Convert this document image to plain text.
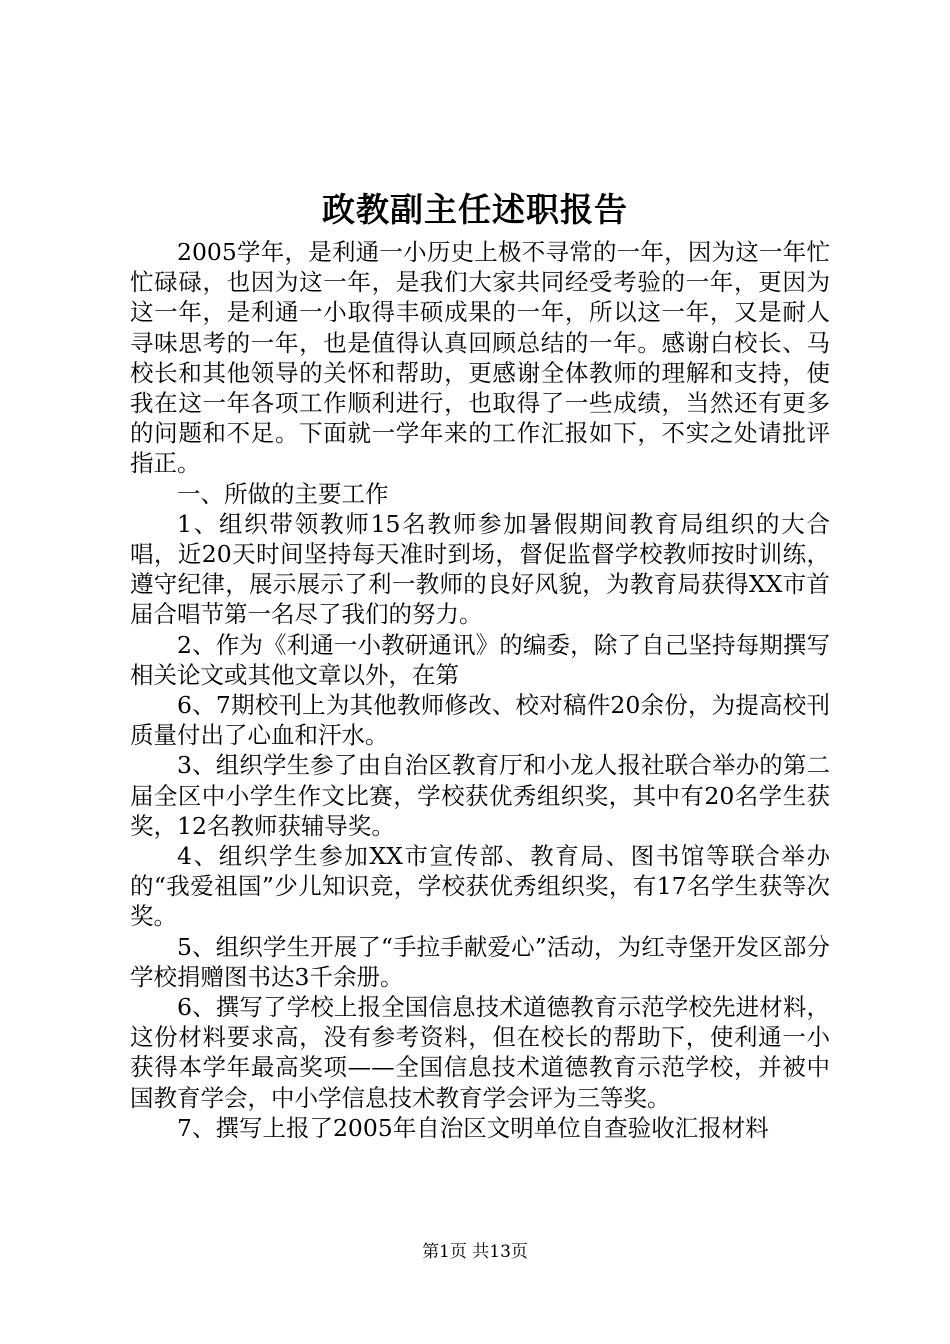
政教副主任述职报告

2005学年，是利通一小历史上极不寻常的一年，因为这一年忙忙碌碌，也因为这一年，是我们大家共同经受考验的一年，更因为这一年，是利通一小取得丰硕成果的一年，所以这一年，又是耐人寻味思考的一年，也是值得认真回顾总结的一年。感谢白校长、马校长和其他领导的关怀和帮助，更感谢全体教师的理解和支持，使我在这一年各项工作顺利进行，也取得了一些成绩，当然还有更多的问题和不足。下面就一学年来的工作汇报如下，不实之处请批评指正。

一、所做的主要工作

1、组织带领教师15名教师参加暑假期间教育局组织的大合唱，近20天时间坚持每天准时到场，督促监督学校教师按时训练，遵守纪律，展示展示了利一教师的良好风貌，为教育局获得XX市首届合唱节第一名尽了我们的努力。

2、作为《利通一小教研通讯》的编委，除了自己坚持每期撰写相关论文或其他文章以外，在第

6、7期校刊上为其他教师修改、校对稿件20余份，为提高校刊质量付出了心血和汗水。

3、组织学生参了由自治区教育厅和小龙人报社联合举办的第二届全区中小学生作文比赛，学校获优秀组织奖，其中有20名学生获奖，12名教师获辅导奖。

4、组织学生参加XX市宣传部、教育局、图书馆等联合举办的“我爱祖国”少儿知识竞，学校获优秀组织奖，有17名学生获等次奖。

5、组织学生开展了“手拉手献爱心”活动，为红寺堡开发区部分学校捐赠图书达3千余册。

6、撰写了学校上报全国信息技术道德教育示范学校先进材料，这份材料要求高，没有参考资料，但在校长的帮助下，使利通一小获得本学年最高奖项——全国信息技术道德教育示范学校，并被中国教育学会，中小学信息技术教育学会评为三等奖。

7、撰写上报了2005年自治区文明单位自查验收汇报材料

第1页 共13页
